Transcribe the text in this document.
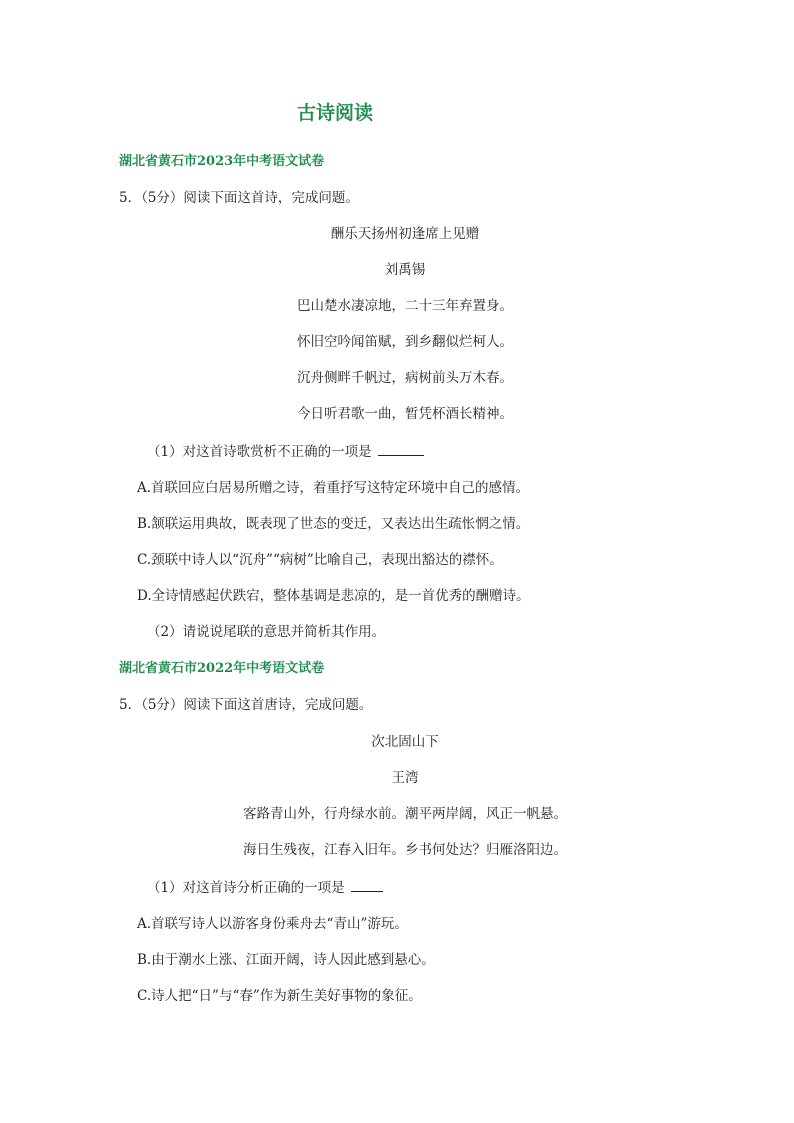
古诗阅读
湖北省黄石市2023年中考语文试卷
5．（5分）阅读下面这首诗，完成问题。
酬乐天扬州初逢席上见赠
刘禹锡
巴山楚水凄凉地，二十三年弃置身。
怀旧空吟闻笛赋，到乡翻似烂柯人。
沉舟侧畔千帆过，病树前头万木春。
今日听君歌一曲，暂凭杯酒长精神。
（1）对这首诗歌赏析不正确的一项是
A.首联回应白居易所赠之诗，着重抒写这特定环境中自己的感情。
B.颔联运用典故，既表现了世态的变迁，又表达出生疏怅惘之情。
C.颈联中诗人以“沉舟”“病树”比喻自己，表现出豁达的襟怀。
D.全诗情感起伏跌宕，整体基调是悲凉的，是一首优秀的酬赠诗。
（2）请说说尾联的意思并简析其作用。
湖北省黄石市2022年中考语文试卷
5．（5分）阅读下面这首唐诗，完成问题。
次北固山下
王湾
客路青山外，行舟绿水前。潮平两岸阔，风正一帆悬。
海日生残夜，江春入旧年。乡书何处达？归雁洛阳边。
（1）对这首诗分析正确的一项是
A.首联写诗人以游客身份乘舟去“青山”游玩。
B.由于潮水上涨、江面开阔，诗人因此感到悬心。
C.诗人把“日”与“春”作为新生美好事物的象征。
